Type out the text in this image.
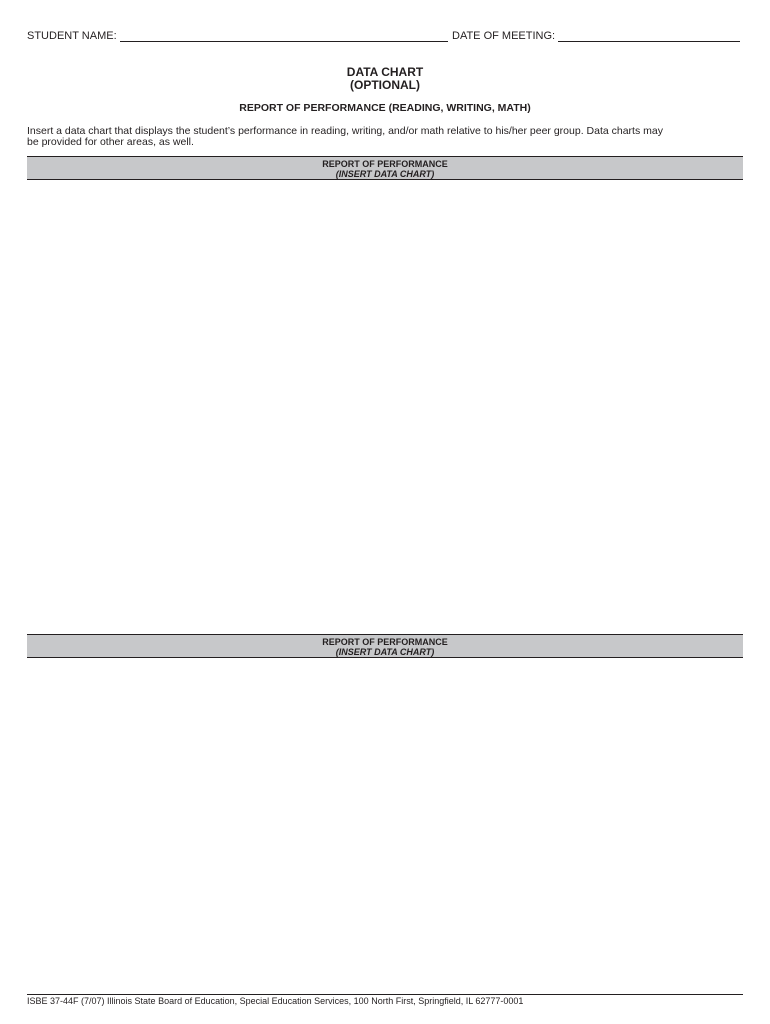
STUDENT NAME:	DATE OF MEETING:
DATA CHART
(OPTIONAL)
REPORT OF PERFORMANCE (READING, WRITING, MATH)
Insert a data chart that displays the student’s performance in reading, writing, and/or math relative to his/her peer group. Data charts may
be provided for other areas, as well.
REPORT OF PERFORMANCE
(INSERT DATA CHART)
REPORT OF PERFORMANCE
(INSERT DATA CHART)
ISBE 37-44F (7/07) Illinois State Board of Education, Special Education Services, 100 North First, Springfield, IL 62777-0001
